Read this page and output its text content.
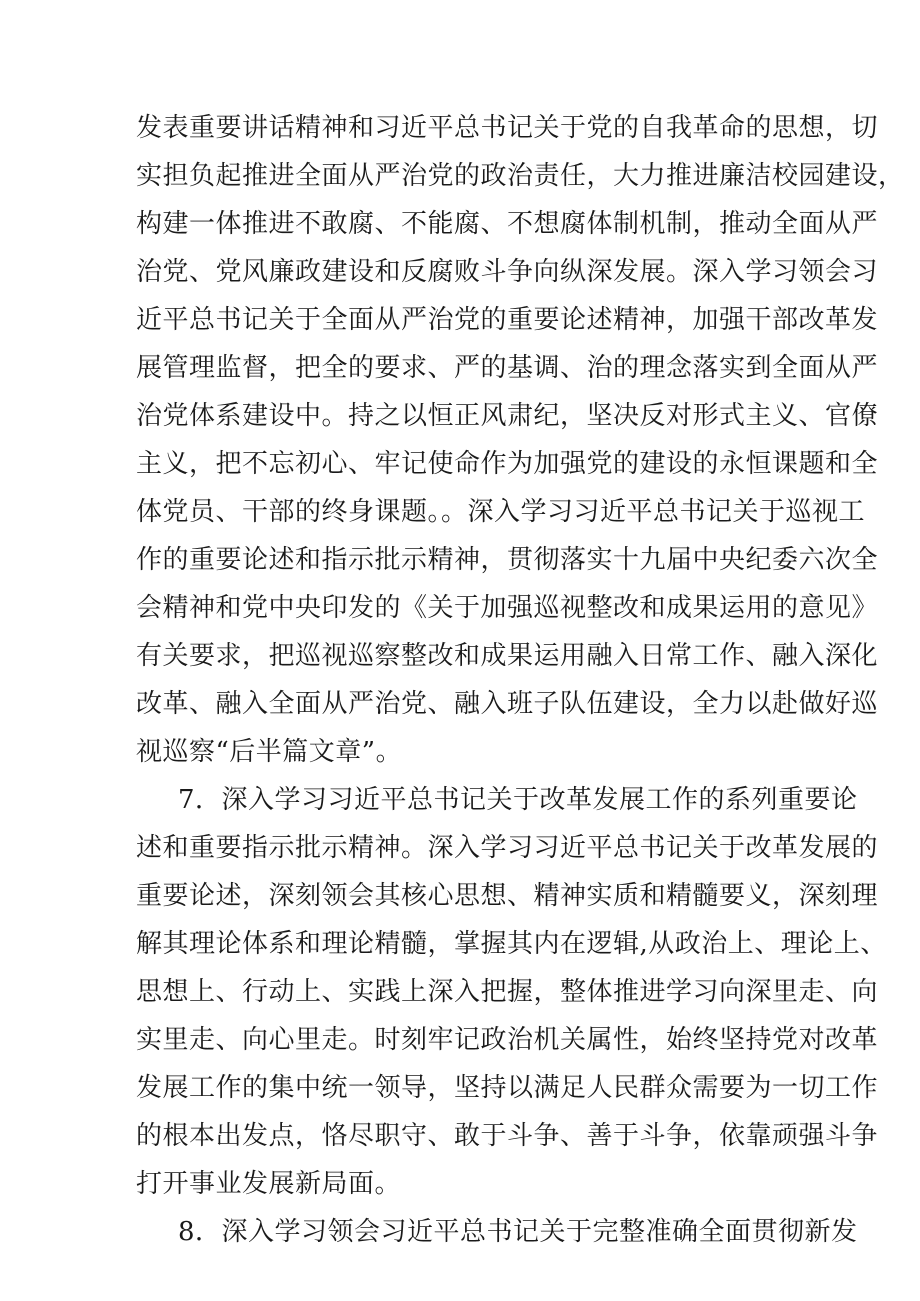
发表重要讲话精神和习近平总书记关于党的自我革命的思想，切
实担负起推进全面从严治党的政治责任，大力推进廉洁校园建设，
构建一体推进不敢腐、不能腐、不想腐体制机制，推动全面从严
治党、党风廉政建设和反腐败斗争向纵深发展。深入学习领会习
近平总书记关于全面从严治党的重要论述精神，加强干部改革发
展管理监督，把全的要求、严的基调、治的理念落实到全面从严
治党体系建设中。持之以恒正风肃纪，坚决反对形式主义、官僚
主义，把不忘初心、牢记使命作为加强党的建设的永恒课题和全
体党员、干部的终身课题。。深入学习习近平总书记关于巡视工
作的重要论述和指示批示精神，贯彻落实十九届中央纪委六次全
会精神和党中央印发的《关于加强巡视整改和成果运用的意见》
有关要求，把巡视巡察整改和成果运用融入日常工作、融入深化
改革、融入全面从严治党、融入班子队伍建设，全力以赴做好巡
视巡察“后半篇文章”。
7．深入学习习近平总书记关于改革发展工作的系列重要论
述和重要指示批示精神。深入学习习近平总书记关于改革发展的
重要论述，深刻领会其核心思想、精神实质和精髓要义，深刻理
解其理论体系和理论精髓，掌握其内在逻辑,从政治上、理论上、
思想上、行动上、实践上深入把握，整体推进学习向深里走、向
实里走、向心里走。时刻牢记政治机关属性，始终坚持党对改革
发展工作的集中统一领导，坚持以满足人民群众需要为一切工作
的根本出发点，恪尽职守、敢于斗争、善于斗争，依靠顽强斗争
打开事业发展新局面。
8．深入学习领会习近平总书记关于完整准确全面贯彻新发
